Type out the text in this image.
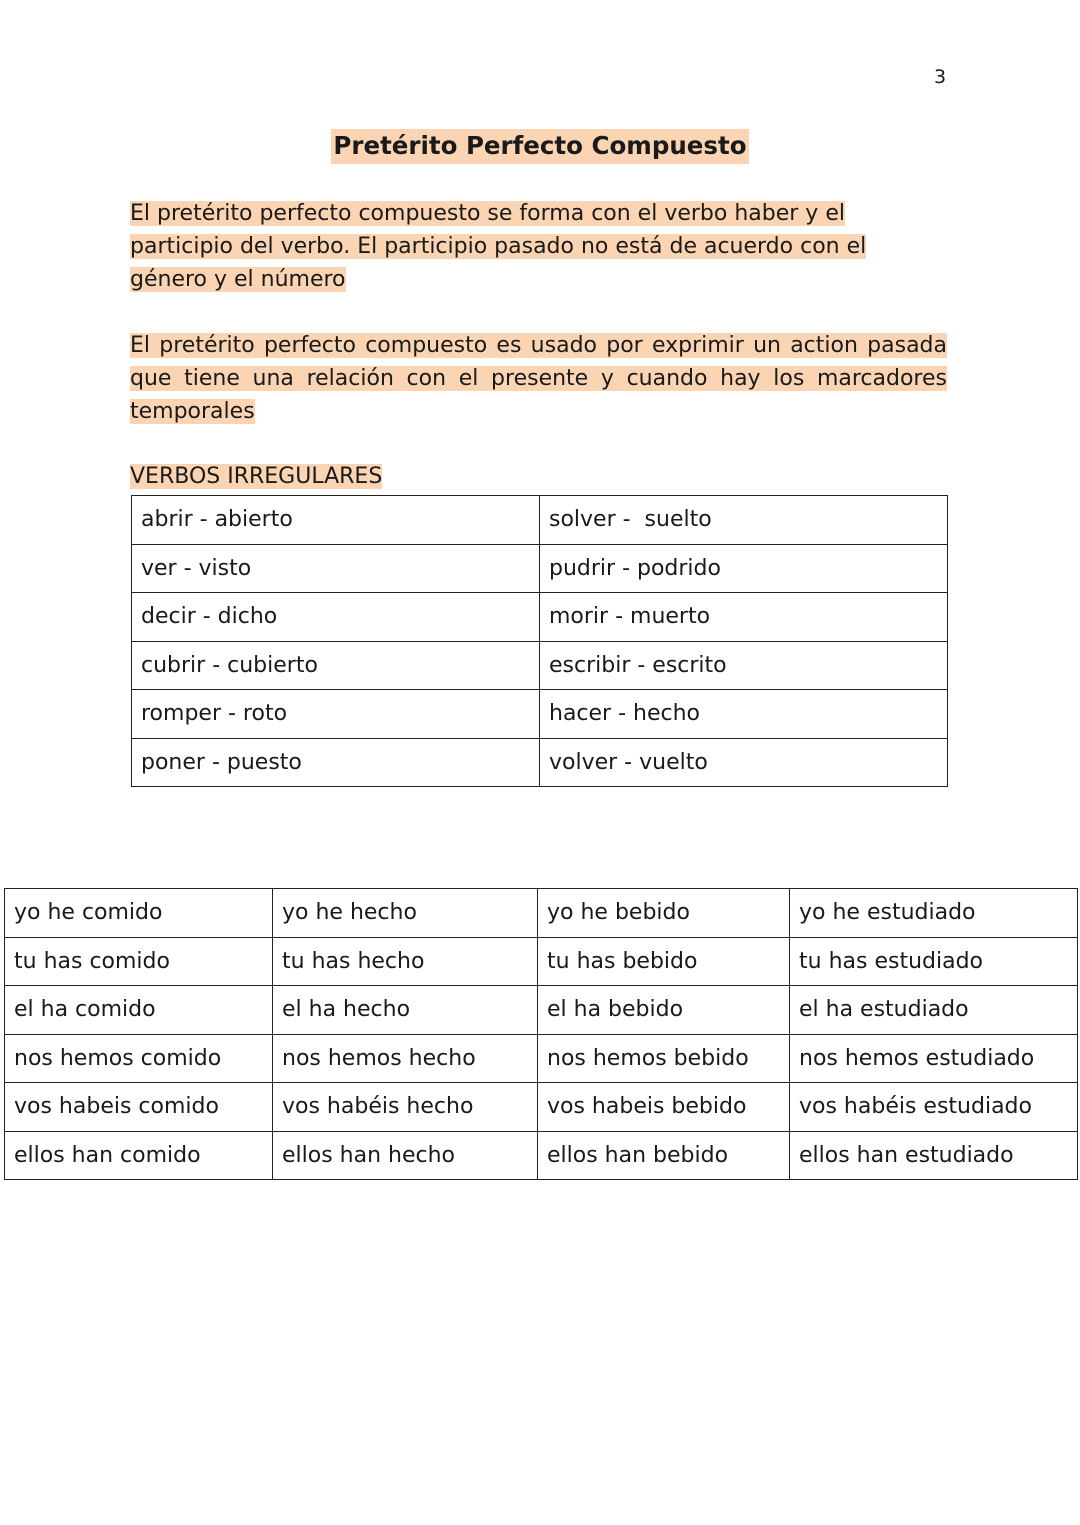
3
Pretérito Perfecto Compuesto

El pretérito perfecto compuesto se forma con el verbo haber y el participio del verbo. El participio pasado no está de acuerdo con el género y el número

El pretérito perfecto compuesto es usado por exprimir un action pasada que tiene una relación con el presente y cuando hay los marcadores temporales

VERBOS IRREGULARES
abrir - abierto	solver -  suelto
ver - visto	pudrir - podrido
decir - dicho	morir - muerto
cubrir - cubierto	escribir - escrito
romper - roto	hacer - hecho
poner - puesto	volver - vuelto
yo he comido	yo he hecho	yo he bebido	yo he estudiado
tu has comido	tu has hecho	tu has bebido	tu has estudiado
el ha comido	el ha hecho	el ha bebido	el ha estudiado
nos hemos comido	nos hemos hecho	nos hemos bebido	nos hemos estudiado
vos habeis comido	vos habéis hecho	vos habeis bebido	vos habéis estudiado
ellos han comido	ellos han hecho	ellos han bebido	ellos han estudiado
